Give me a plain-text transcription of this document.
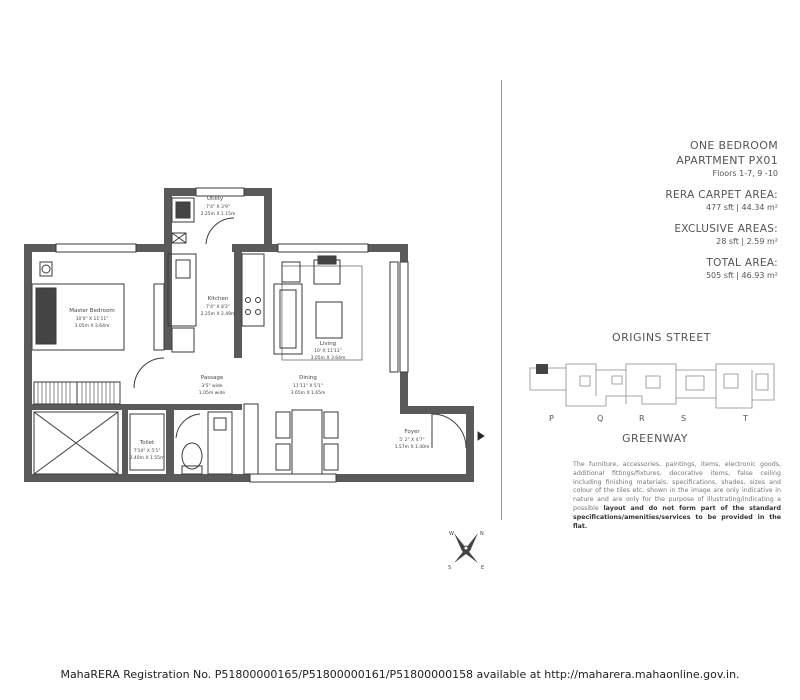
Utility
7'4" X 3'9"
2.25m X 1.15m
Kitchen
7'4" X 8'2"
2.25m X 2.49m
Master Bedroom
10'0" X 11'11"
3.05m X 3.64m
Living
10' X 11'11"
3.05m X 3.64m
Passage
3'5" wide
1.05m wide
Dining
11'11" X 5'1"
3.65m X 1.65m
Toilet
7'10" X 5'1"
2.40m X 1.55m
Foyer
5' 2" X 4'7"
1.57m X 1.40m
W	N
S	E
ONE BEDROOM
APARTMENT PX01
Floors 1-7, 9 -10
RERA CARPET AREA:
477 sft | 44.34 m²
EXCLUSIVE AREAS:
28 sft | 2.59 m²
TOTAL AREA:
505 sft | 46.93 m²
ORIGINS STREET
P	Q	R	S	T
GREENWAY
The furniture, accessories, paintings, items, electronic goods, additional fittings/fixtures, decorative items, false ceiling including finishing materials, specifications, shades, sizes and colour of the tiles etc. shown in the image are only indicative in nature and are only for the purpose of illustrating/indicating a possible layout and do not form part of the standard specifications/amenities/services to be provided in the flat.
MahaRERA Registration No. P51800000165/P51800000161/P51800000158 available at http://maharera.mahaonline.gov.in.
